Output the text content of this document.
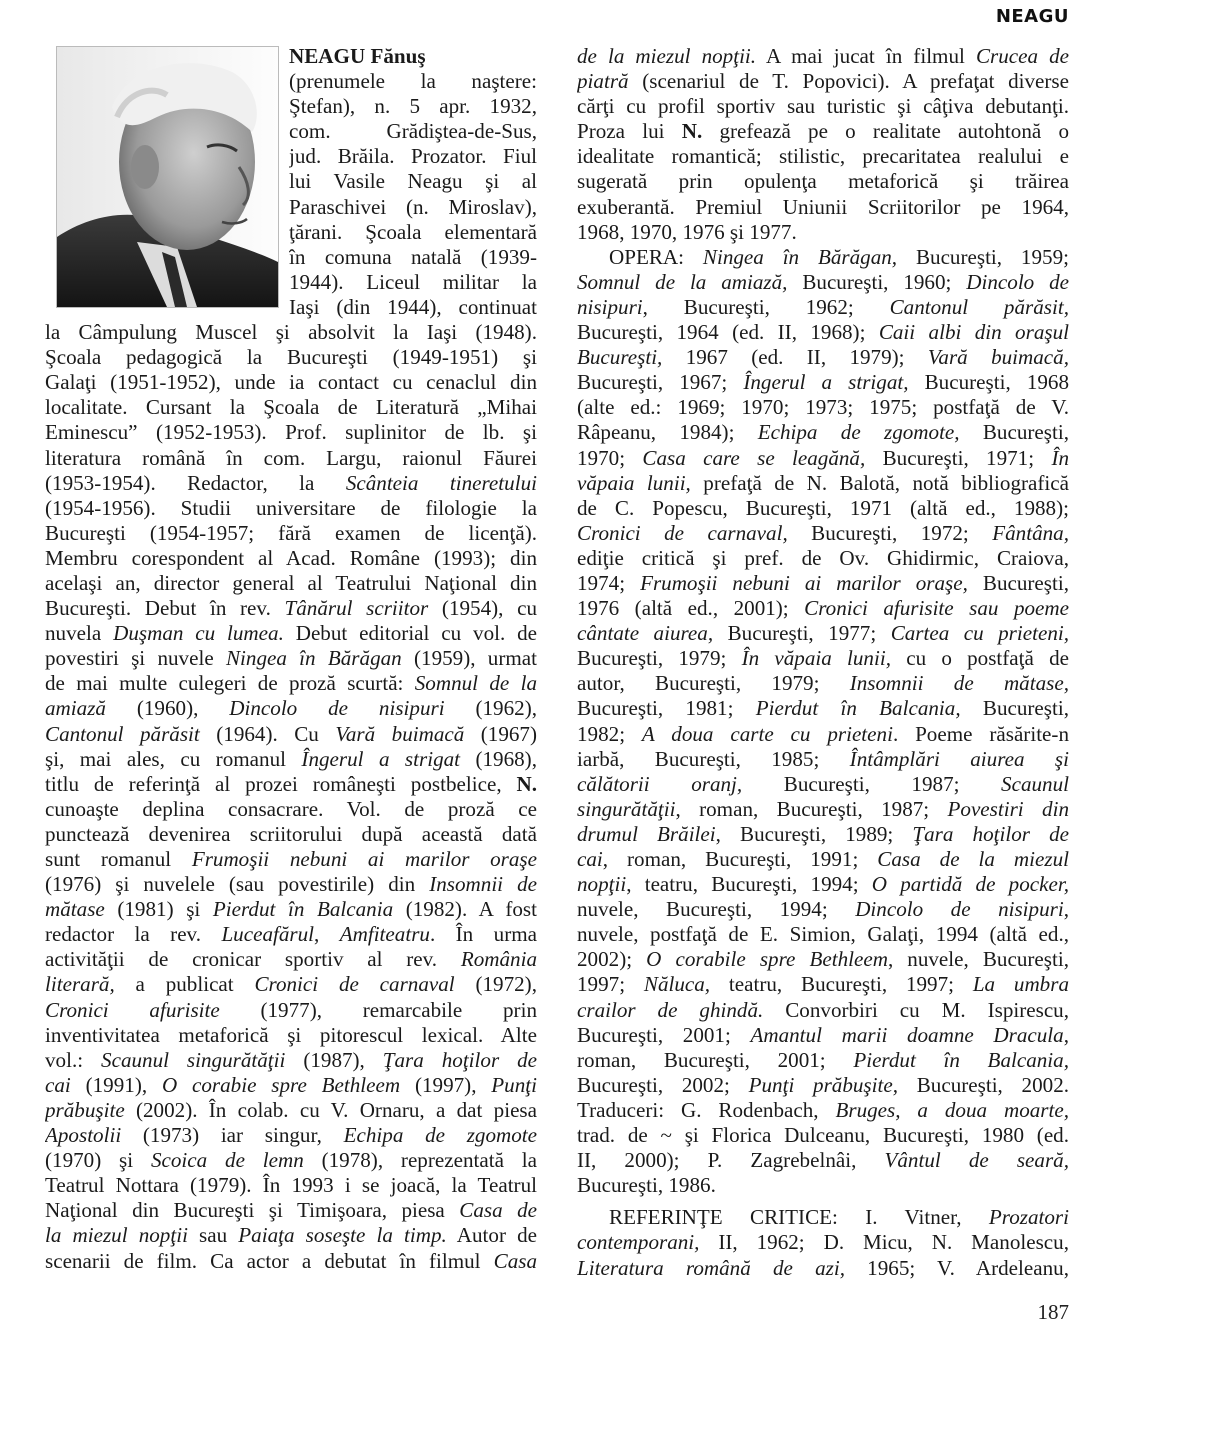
NEAGU
NEAGU Fănuş
(prenumele la naştere:
Ştefan), n. 5 apr. 1932,
com. Grădiştea-de-Sus,
jud. Brăila. Prozator. Fiul
lui Vasile Neagu şi al
Paraschivei (n. Miroslav),
ţărani. Şcoala elementară
în comuna natală (1939-
1944). Liceul militar la
Iaşi (din 1944), continuat
la Câmpulung Muscel şi absolvit la Iaşi (1948).
Şcoala pedagogică la Bucureşti (1949-1951) şi
Galaţi (1951-1952), unde ia contact cu cenaclul din
localitate. Cursant la Şcoala de Literatură „Mihai
Eminescu” (1952-1953). Prof. suplinitor de lb. şi
literatura română în com. Largu, raionul Făurei
(1953-1954). Redactor, la Scânteia tineretului
(1954-1956). Studii universitare de filologie la
Bucureşti (1954-1957; fără examen de licenţă).
Membru corespondent al Acad. Române (1993); din
acelaşi an, director general al Teatrului Naţional din
Bucureşti. Debut în rev. Tânărul scriitor (1954), cu
nuvela Duşman cu lumea. Debut editorial cu vol. de
povestiri şi nuvele Ningea în Bărăgan (1959), urmat
de mai multe culegeri de proză scurtă: Somnul de la
amiază (1960), Dincolo de nisipuri (1962),
Cantonul părăsit (1964). Cu Vară buimacă (1967)
şi, mai ales, cu romanul Îngerul a strigat (1968),
titlu de referinţă al prozei româneşti postbelice, N.
cunoaşte deplina consacrare. Vol. de proză ce
punctează devenirea scriitorului după această dată
sunt romanul Frumoşii nebuni ai marilor oraşe
(1976) şi nuvelele (sau povestirile) din Insomnii de
mătase (1981) şi Pierdut în Balcania (1982). A fost
redactor la rev. Luceafărul, Amfiteatru. În urma
activităţii de cronicar sportiv al rev. România
literară, a publicat Cronici de carnaval (1972),
Cronici afurisite (1977), remarcabile prin
inventivitatea metaforică şi pitorescul lexical. Alte
vol.: Scaunul singurătăţii (1987), Ţara hoţilor de
cai (1991), O corabie spre Bethleem (1997), Punţi
prăbuşite (2002). În colab. cu V. Ornaru, a dat piesa
Apostolii (1973) iar singur, Echipa de zgomote
(1970) şi Scoica de lemn (1978), reprezentată la
Teatrul Nottara (1979). În 1993 i se joacă, la Teatrul
Naţional din Bucureşti şi Timişoara, piesa Casa de
la miezul nopţii sau Paiaţa soseşte la timp. Autor de
scenarii de film. Ca actor a debutat în filmul Casa
de la miezul nopţii. A mai jucat în filmul Crucea de
piatră (scenariul de T. Popovici). A prefaţat diverse
cărţi cu profil sportiv sau turistic şi câţiva debutanţi.
Proza lui N. grefează pe o realitate autohtonă o
idealitate romantică; stilistic, precaritatea realului e
sugerată prin opulenţa metaforică şi trăirea
exuberantă. Premiul Uniunii Scriitorilor pe 1964,
1968, 1970, 1976 şi 1977.
OPERA: Ningea în Bărăgan, Bucureşti, 1959;
Somnul de la amiază, Bucureşti, 1960; Dincolo de
nisipuri, Bucureşti, 1962; Cantonul părăsit,
Bucureşti, 1964 (ed. II, 1968); Caii albi din oraşul
Bucureşti, 1967 (ed. II, 1979); Vară buimacă,
Bucureşti, 1967; Îngerul a strigat, Bucureşti, 1968
(alte ed.: 1969; 1970; 1973; 1975; postfaţă de V.
Râpeanu, 1984); Echipa de zgomote, Bucureşti,
1970; Casa care se leagănă, Bucureşti, 1971; În
văpaia lunii, prefaţă de N. Balotă, notă bibliografică
de C. Popescu, Bucureşti, 1971 (altă ed., 1988);
Cronici de carnaval, Bucureşti, 1972; Fântâna,
ediţie critică şi pref. de Ov. Ghidirmic, Craiova,
1974; Frumoşii nebuni ai marilor oraşe, Bucureşti,
1976 (altă ed., 2001); Cronici afurisite sau poeme
cântate aiurea, Bucureşti, 1977; Cartea cu prieteni,
Bucureşti, 1979; În văpaia lunii, cu o postfaţă de
autor, Bucureşti, 1979; Insomnii de mătase,
Bucureşti, 1981; Pierdut în Balcania, Bucureşti,
1982; A doua carte cu prieteni. Poeme răsărite-n
iarbă, Bucureşti, 1985; Întâmplări aiurea şi
călătorii oranj, Bucureşti, 1987; Scaunul
singurătăţii, roman, Bucureşti, 1987; Povestiri din
drumul Brăilei, Bucureşti, 1989; Ţara hoţilor de
cai, roman, Bucureşti, 1991; Casa de la miezul
nopţii, teatru, Bucureşti, 1994; O partidă de pocker,
nuvele, Bucureşti, 1994; Dincolo de nisipuri,
nuvele, postfaţă de E. Simion, Galaţi, 1994 (altă ed.,
2002); O corabile spre Bethleem, nuvele, Bucureşti,
1997; Năluca, teatru, Bucureşti, 1997; La umbra
crailor de ghindă. Convorbiri cu M. Ispirescu,
Bucureşti, 2001; Amantul marii doamne Dracula,
roman, Bucureşti, 2001; Pierdut în Balcania,
Bucureşti, 2002; Punţi prăbuşite, Bucureşti, 2002.
Traduceri: G. Rodenbach, Bruges, a doua moarte,
trad. de ~ şi Florica Dulceanu, Bucureşti, 1980 (ed.
II, 2000); P. Zagrebelnâi, Vântul de seară,
Bucureşti, 1986.
REFERINŢE CRITICE: I. Vitner, Prozatori
contemporani, II, 1962; D. Micu, N. Manolescu,
Literatura română de azi, 1965; V. Ardeleanu,
187
